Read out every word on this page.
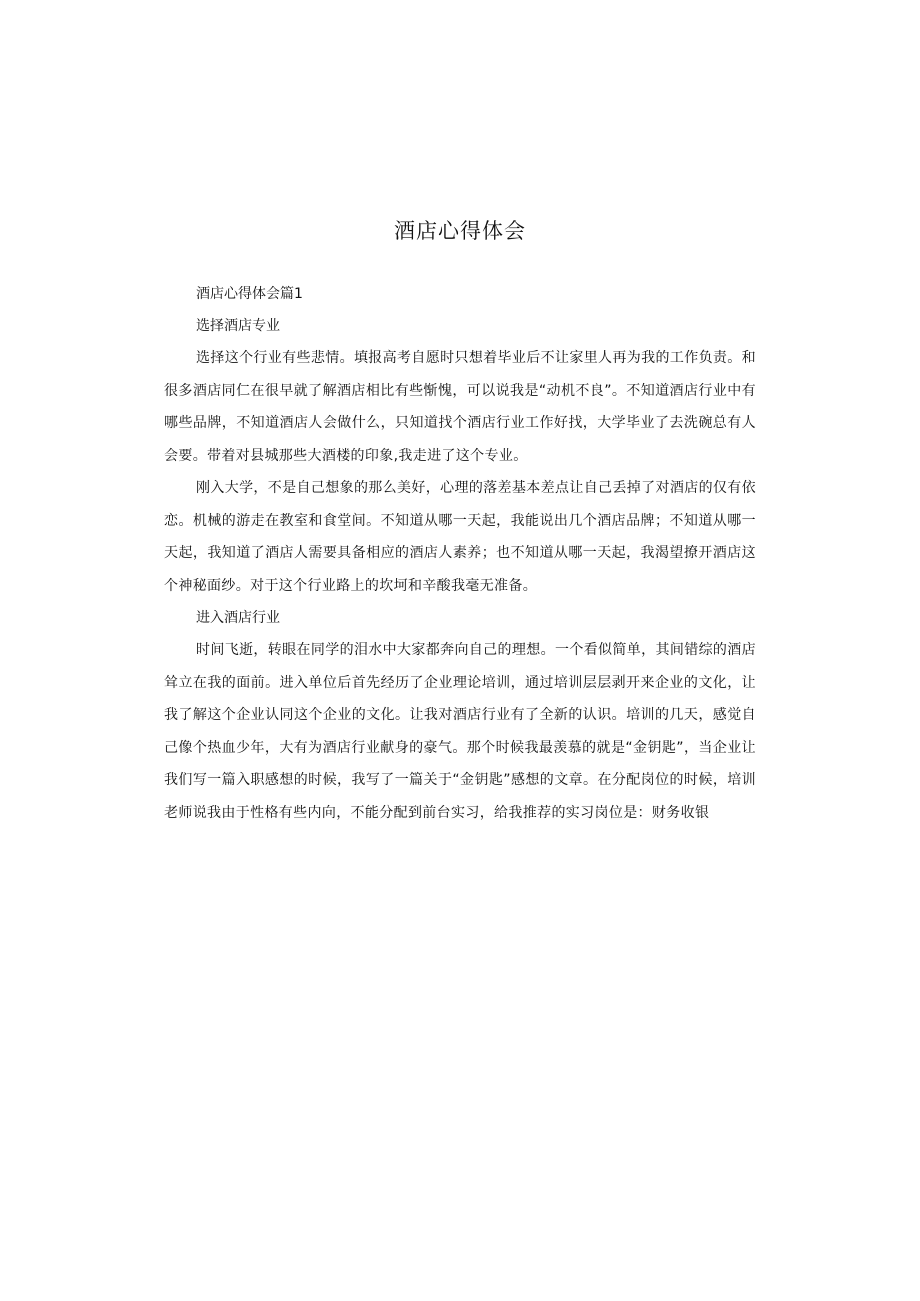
酒店心得体会

酒店心得体会篇1

选择酒店专业

选择这个行业有些悲情。填报高考自愿时只想着毕业后不让家里人再为我的工作负责。和很多酒店同仁在很早就了解酒店相比有些惭愧，可以说我是“动机不良”。不知道酒店行业中有哪些品牌，不知道酒店人会做什么，只知道找个酒店行业工作好找，大学毕业了去洗碗总有人会要。带着对县城那些大酒楼的印象,我走进了这个专业。

刚入大学，不是自己想象的那么美好，心理的落差基本差点让自己丢掉了对酒店的仅有依恋。机械的游走在教室和食堂间。不知道从哪一天起，我能说出几个酒店品牌；不知道从哪一天起，我知道了酒店人需要具备相应的酒店人素养；也不知道从哪一天起，我渴望撩开酒店这个神秘面纱。对于这个行业路上的坎坷和辛酸我毫无准备。

进入酒店行业

时间飞逝，转眼在同学的泪水中大家都奔向自己的理想。一个看似简单，其间错综的酒店耸立在我的面前。进入单位后首先经历了企业理论培训，通过培训层层剥开来企业的文化，让我了解这个企业认同这个企业的文化。让我对酒店行业有了全新的认识。培训的几天，感觉自己像个热血少年，大有为酒店行业献身的豪气。那个时候我最羡慕的就是“金钥匙”，当企业让我们写一篇入职感想的时候，我写了一篇关于“金钥匙”感想的文章。在分配岗位的时候，培训老师说我由于性格有些内向，不能分配到前台实习，给我推荐的实习岗位是：财务收银
